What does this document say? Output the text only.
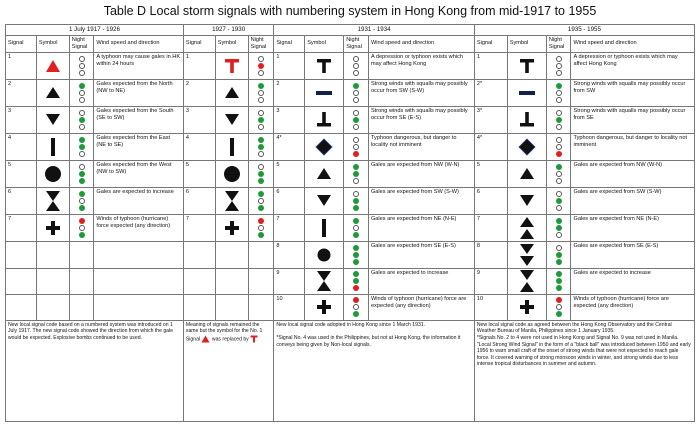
Table D Local storm signals with numbering system in Hong Kong from mid-1917 to 1955
1 July 1917 - 1926				1927 - 1930			1931 - 1934				1935 - 1955			
Signal	Symbol	Night Signal	Wind speed and direction	Signal	Symbol	Night Signal	Signal	Symbol	Night Signal	Wind speed and direction	Signal	Symbol	Night Signal	Wind speed and direction
1			A typhoon may cause gales in HK within 24 hours	1			1			A depression or typhoon exists which may affect Hong Kong	1			A depression or typhoon exists which may affect Hong Kong
2			Gales expected from the North (NW to NE)	2			2			Strong winds with squalls may possibly occur from SW (S-W)	2*			Strong winds with squalls may possibly occur from SW
3			Gales expected from the South (SE to SW)	3			3			Strong winds with squalls may possibly occur from SE (E-S)	3*			Strong winds with squalls may possibly occur from SE
4			Gales expected from the East (NE to SE)	4			4*			Typhoon dangerous, but danger to locality not imminent	4*			Typhoon dangerous, but danger to locality not imminent
5			Gales expected from the West (NW to SW)	5			5			Gales are expected from NW (W-N)	5			Gales are expected from NW (W-N)
6			Gales are expected to increase	6			6			Gales are expected from SW (S-W)	6			Gales are expected from SW (S-W)
7			Winds of typhoon (hurricane) force expected (any direction)	7			7			Gales are expected from NE (N-E)	7			Gales are expected from NE (N-E)
							8			Gales are expected from SE (E-S)	8			Gales are expected from SE (E-S)
							9			Gales are expected to increase	9			Gales are expected to increase
							10			Winds of typhoon (hurricane) force are expected (any direction)	10			Winds of typhoon (hurricane) force are expected (any direction)
New local signal code based on a numbered system was introduced on 1 July 1917. The new signal code showed the direction from which the gale would be expected. Explosive bombs continued to be used.				Meaning of signals remained the same but the symbol for the No. 1 Signal was replaced by			New local signal code adopted in Hong Kong since 1 March 1931.

*Signal No. 4 was used in the Philippines, but not at Hong Kong, the information it conveys being given by Non-local signals.				New local signal code as agreed between the Hong Kong Observatory and the Central Weather Bureau of Manila, Philippines since 1 January 1935.
*Signals No. 2 to 4 were not used in Hong Kong and Signal No. 9 was not used in Manila. "Local Strong Wind Signal" in the form of a "black ball" was introduced between 1950 and early 1956 to warn small craft of the onset of strong winds that were not expected to reach gale force. It covered warning of strong monsoon winds in winter, and strong winds due to less intense tropical disturbances in summer and autumn.			
